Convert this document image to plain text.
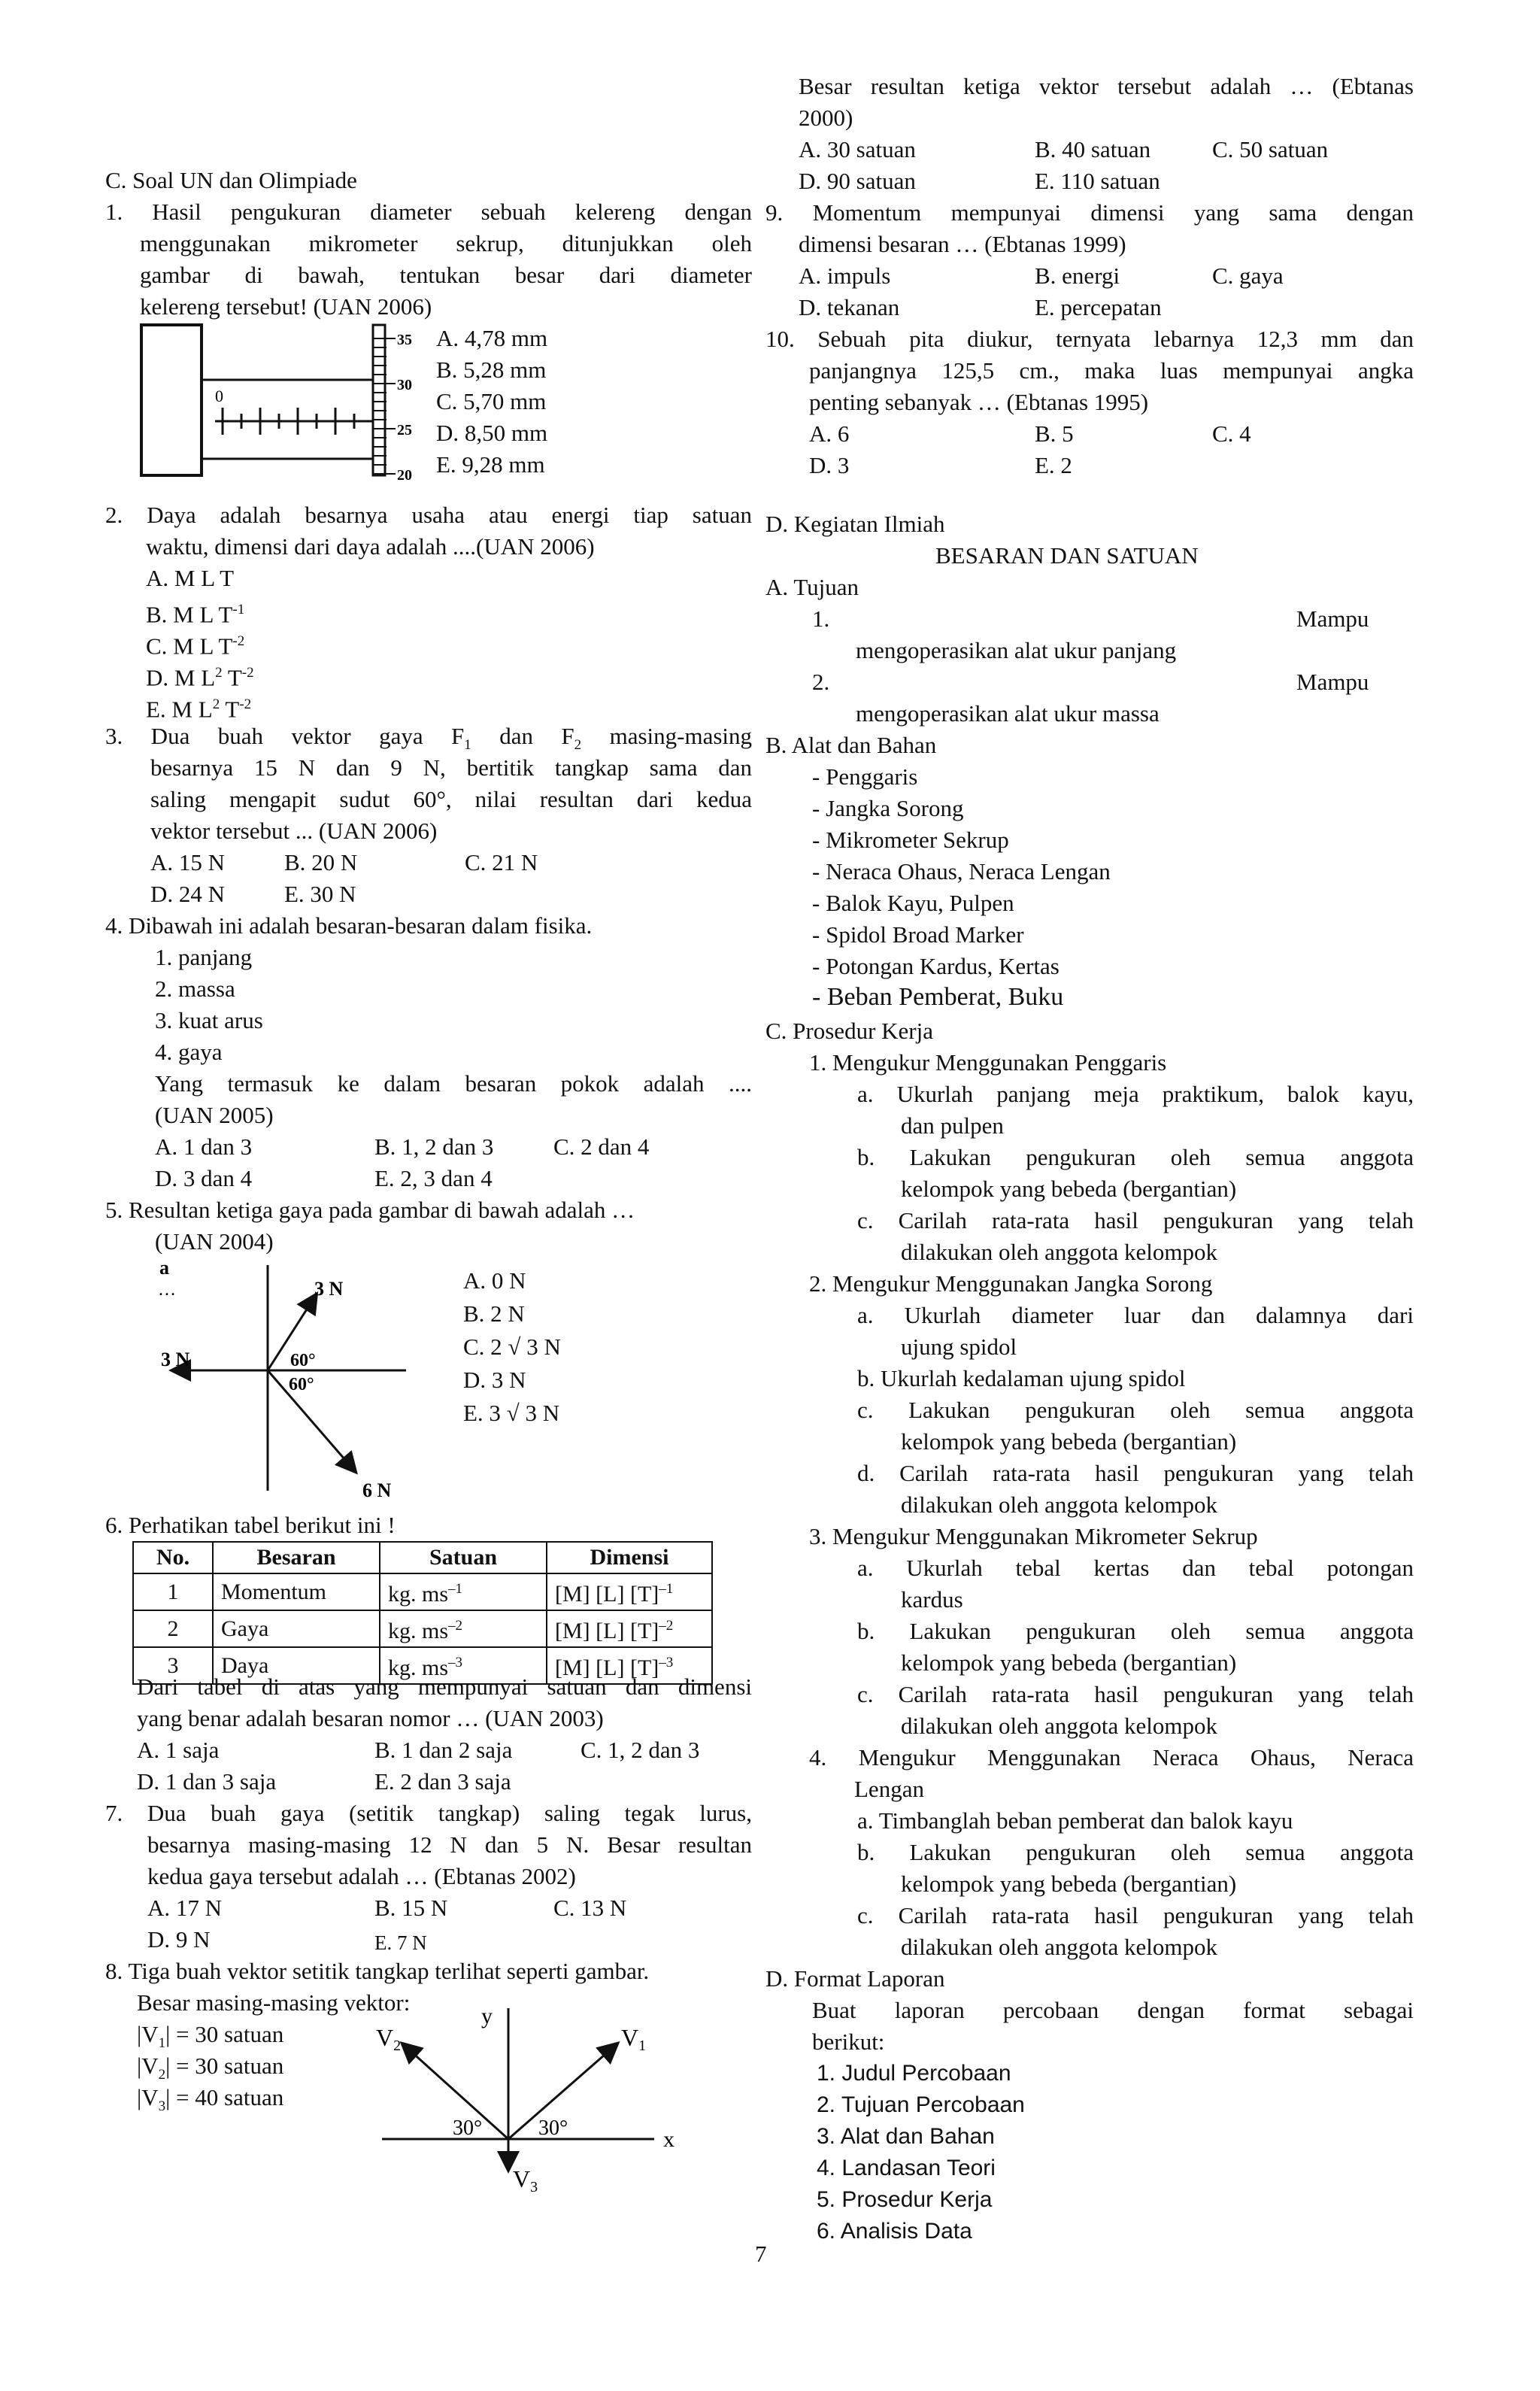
C. Soal UN dan Olimpiade
1. Hasil pengukuran diameter sebuah kelereng dengan
menggunakan mikrometer sekrup, ditunjukkan oleh
gambar di bawah, tentukan besar dari diameter
kelereng tersebut! (UAN 2006)
0
35
30
25
20
A. 4,78 mm
B. 5,28 mm
C. 5,70 mm
D. 8,50 mm
E. 9,28 mm
2. Daya adalah besarnya usaha atau energi tiap satuan
waktu, dimensi dari daya adalah ....(UAN 2006)
A. M L T
B. M L $T^{-1}$
C. M L $T^{-2}$
D. M $L^2$ $T^{-2}$
E. M $L^2$ $T^{-2}$
3. Dua buah vektor gaya $F_1$ dan $F_2$ masing-masing
besarnya 15 N dan 9 N, bertitik tangkap sama dan
saling mengapit sudut 60°, nilai resultan dari kedua
vektor tersebut ... (UAN 2006)
A. 15 N	B. 20 N	C. 21 N
D. 24 N	E. 30 N
4. Dibawah ini adalah besaran-besaran dalam fisika.
1. panjang
2. massa
3. kuat arus
4. gaya
Yang termasuk ke dalam besaran pokok adalah ....
(UAN 2005)
A. 1 dan 3	B. 1, 2 dan 3	C. 2 dan 4
D. 3 dan 4	E. 2, 3 dan 4
5. Resultan ketiga gaya pada gambar di bawah adalah …
(UAN 2004)
a
…	3 N
3 N	60°
60°
6 N
A. 0 N
B. 2 N
C. 2 √ 3 N
D. 3 N
E. 3 √ 3 N
6. Perhatikan tabel berikut ini !
No.	Besaran	Satuan	Dimensi
1	Momentum	kg. $ms^{-1}$	[M] [L] $[T]^{-1}$
2	Gaya	kg. $ms^{-2}$	[M] [L] $[T]^{-2}$
3	Daya	kg. $ms^{-3}$	[M] [L] $[T]^{-3}$
Dari tabel di atas yang mempunyai satuan dan dimensi
yang benar adalah besaran nomor … (UAN 2003)
A. 1 saja	B. 1 dan 2 saja	C. 1, 2 dan 3
D. 1 dan 3 saja	E. 2 dan 3 saja
7. Dua buah gaya (setitik tangkap) saling tegak lurus,
besarnya masing-masing 12 N dan 5 N. Besar resultan
kedua gaya tersebut adalah … (Ebtanas 2002)
A. 17 N	B. 15 N	C. 13 N
D. 9 N	E. 7 N
8. Tiga buah vektor setitik tangkap terlihat seperti gambar.
Besar masing-masing vektor:
$|V_1| = 30$ satuan
$|V_2| = 30$ satuan
$|V_3| = 40$ satuan
y
x
V1
V2
V3
30°	30°
Besar resultan ketiga vektor tersebut adalah … (Ebtanas
2000)
A. 30 satuan	B. 40 satuan	C. 50 satuan
D. 90 satuan	E. 110 satuan
9. Momentum mempunyai dimensi yang sama dengan
dimensi besaran … (Ebtanas 1999)
A. impuls	B. energi	C. gaya
D. tekanan	E. percepatan
10. Sebuah pita diukur, ternyata lebarnya 12,3 mm dan
panjangnya 125,5 cm., maka luas mempunyai angka
penting sebanyak … (Ebtanas 1995)
A. 6	B. 5	C. 4
D. 3	E. 2
D. Kegiatan Ilmiah
BESARAN DAN SATUAN
A. Tujuan
1.	Mampu
mengoperasikan alat ukur panjang
2.	Mampu
mengoperasikan alat ukur massa
B. Alat dan Bahan
- Penggaris
- Jangka Sorong
- Mikrometer Sekrup
- Neraca Ohaus, Neraca Lengan
- Balok Kayu, Pulpen
- Spidol Broad Marker
- Potongan Kardus, Kertas
- Beban Pemberat, Buku
C. Prosedur Kerja
1. Mengukur Menggunakan Penggaris
a. Ukurlah panjang meja praktikum, balok kayu,
dan pulpen
b. Lakukan pengukuran oleh semua anggota
kelompok yang bebeda (bergantian)
c. Carilah rata-rata hasil pengukuran yang telah
dilakukan oleh anggota kelompok
2. Mengukur Menggunakan Jangka Sorong
a. Ukurlah diameter luar dan dalamnya dari
ujung spidol
b. Ukurlah kedalaman ujung spidol
c. Lakukan pengukuran oleh semua anggota
kelompok yang bebeda (bergantian)
d. Carilah rata-rata hasil pengukuran yang telah
dilakukan oleh anggota kelompok
3. Mengukur Menggunakan Mikrometer Sekrup
a. Ukurlah tebal kertas dan tebal potongan
kardus
b. Lakukan pengukuran oleh semua anggota
kelompok yang bebeda (bergantian)
c. Carilah rata-rata hasil pengukuran yang telah
dilakukan oleh anggota kelompok
4. Mengukur Menggunakan Neraca Ohaus, Neraca
Lengan
a. Timbanglah beban pemberat dan balok kayu
b. Lakukan pengukuran oleh semua anggota
kelompok yang bebeda (bergantian)
c. Carilah rata-rata hasil pengukuran yang telah
dilakukan oleh anggota kelompok
D. Format Laporan
Buat laporan percobaan dengan format sebagai
berikut:
1. Judul Percobaan
2. Tujuan Percobaan
3. Alat dan Bahan
4. Landasan Teori
5. Prosedur Kerja
6. Analisis Data
7
